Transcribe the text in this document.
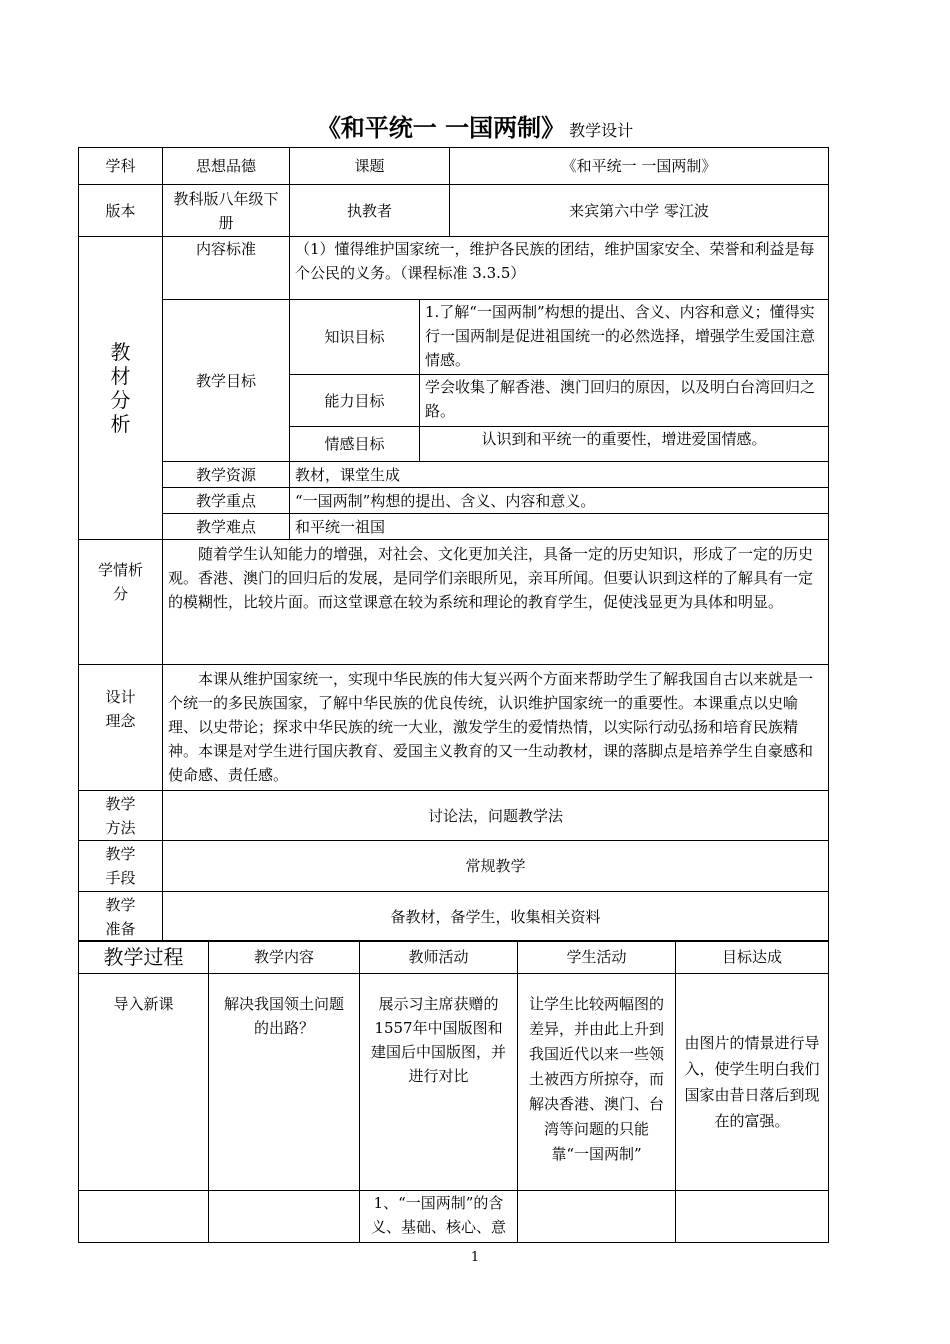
《和平统一 一国两制》 教学设计
学科	思想品德	课题		《和平统一 一国两制》
版本	教科版八年级下册	执教者		来宾第六中学 零江波
教材分析	内容标准	（1）懂得维护国家统一，维护各民族的团结，维护国家安全、荣誉和利益是每个公民的义务。（课程标准 3.3.5）		
	教学目标	知识目标	1.了解“一国两制”构想的提出、含义、内容和意义；懂得实行一国两制是促进祖国统一的必然选择，增强学生爱国注意情感。	
		能力目标	学会收集了解香港、澳门回归的原因，以及明白台湾回归之路。	
		情感目标	认识到和平统一的重要性，增进爱国情感。	
	教学资源	教材，课堂生成		
	教学重点	“一国两制”构想的提出、含义、内容和意义。		
	教学难点	和平统一祖国		
学情析分	随着学生认知能力的增强，对社会、文化更加关注，具备一定的历史知识，形成了一定的历史观。香港、澳门的回归后的发展，是同学们亲眼所见，亲耳所闻。但要认识到这样的了解具有一定的模糊性，比较片面。而这堂课意在较为系统和理论的教育学生，促使浅显更为具体和明显。			
设计理念	本课从维护国家统一，实现中华民族的伟大复兴两个方面来帮助学生了解我国自古以来就是一个统一的多民族国家，了解中华民族的优良传统，认识维护国家统一的重要性。本课重点以史喻理、以史带论；探求中华民族的统一大业，激发学生的爱情热情，以实际行动弘扬和培育民族精神。本课是对学生进行国庆教育、爱国主义教育的又一生动教材，课的落脚点是培养学生自豪感和使命感、责任感。			
教学方法	讨论法，问题教学法			
教学手段	常规教学			
教学准备	备教材，备学生，收集相关资料			
教学过程	教学内容	教师活动	学生活动	目标达成
导入新课	解决我国领土问题的出路？	展示习主席获赠的1557年中国版图和建国后中国版图，并进行对比	让学生比较两幅图的差异，并由此上升到我国近代以来一些领土被西方所掠夺，而解决香港、澳门、台湾等问题的只能靠“一国两制”	由图片的情景进行导入，使学生明白我们国家由昔日落后到现在的富强。
		1、“一国两制”的含义、基础、核心、意		
1
